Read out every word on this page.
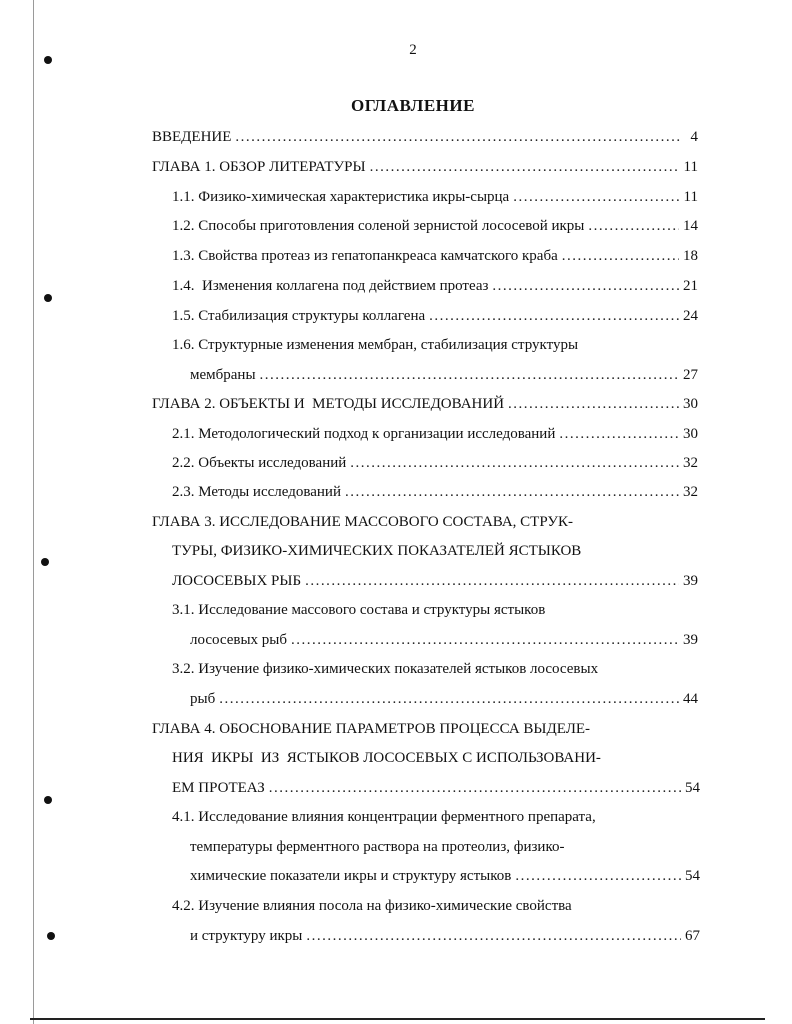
2
ОГЛАВЛЕНИЕ
ВВЕДЕНИЕ .....	4
ГЛАВА 1. ОБЗОР ЛИТЕРАТУРЫ .....	11
1.1. Физико-химическая характеристика икры-сырца .....	11
1.2. Способы приготовления соленой зернистой лососевой икры .....	14
1.3. Свойства протеаз из гепатопанкреаса камчатского краба .....	18
1.4.  Изменения коллагена под действием протеаз .....	21
1.5. Стабилизация структуры коллагена .....	24
1.6. Структурные изменения мембран, стабилизация структуры
мембраны .....	27
ГЛАВА 2. ОБЪЕКТЫ И  МЕТОДЫ ИССЛЕДОВАНИЙ .....	30
2.1. Методологический подход к организации исследований .....	30
2.2. Объекты исследований .....	32
2.3. Методы исследований .....	32
ГЛАВА 3. ИССЛЕДОВАНИЕ МАССОВОГО СОСТАВА, СТРУК-
ТУРЫ, ФИЗИКО-ХИМИЧЕСКИХ ПОКАЗАТЕЛЕЙ ЯСТЫКОВ
ЛОСОСЕВЫХ РЫБ .....	39
3.1. Исследование массового состава и структуры ястыков
лососевых рыб .....	39
3.2. Изучение физико-химических показателей ястыков лососевых
рыб .....	44
ГЛАВА 4. ОБОСНОВАНИЕ ПАРАМЕТРОВ ПРОЦЕССА ВЫДЕЛЕ-
НИЯ  ИКРЫ  ИЗ  ЯСТЫКОВ ЛОСОСЕВЫХ С ИСПОЛЬЗОВАНИ-
ЕМ ПРОТЕАЗ .....	54
4.1. Исследование влияния концентрации ферментного препарата,
температуры ферментного раствора на протеолиз, физико-
химические показатели икры и структуру ястыков .....	54
4.2. Изучение влияния посола на физико-химические свойства
и структуру икры .....	67
